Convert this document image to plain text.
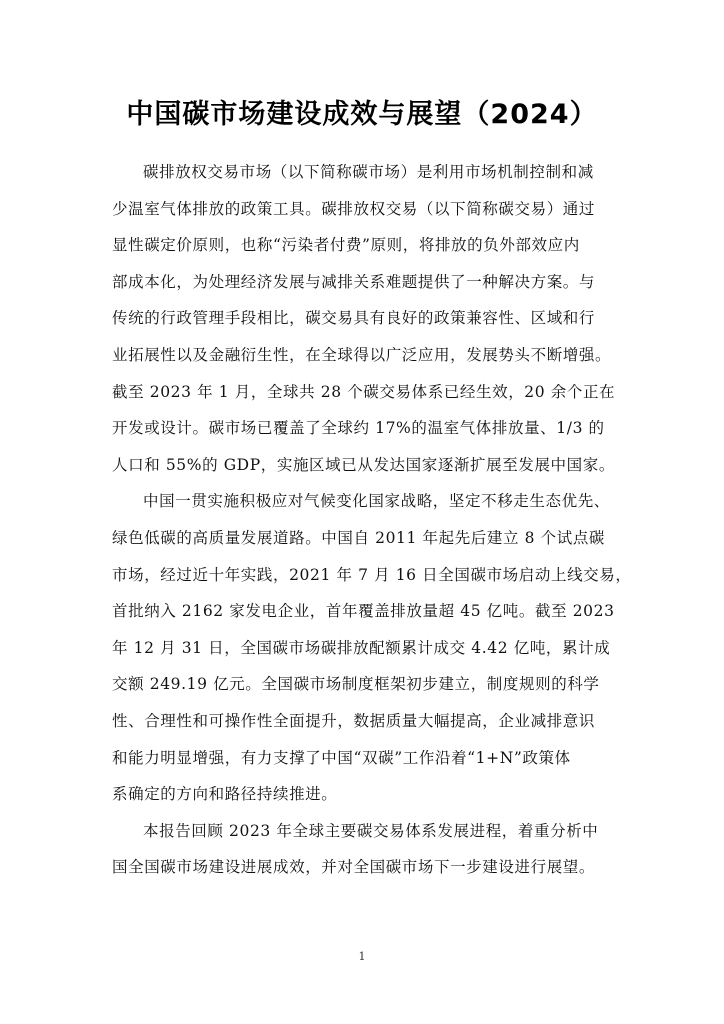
中国碳市场建设成效与展望（2024）
碳排放权交易市场（以下简称碳市场）是利用市场机制控制和减
少温室气体排放的政策工具。碳排放权交易（以下简称碳交易）通过
显性碳定价原则，也称“污染者付费”原则，将排放的负外部效应内
部成本化，为处理经济发展与减排关系难题提供了一种解决方案。与
传统的行政管理手段相比，碳交易具有良好的政策兼容性、区域和行
业拓展性以及金融衍生性，在全球得以广泛应用，发展势头不断增强。
截至 2023 年 1 月，全球共 28 个碳交易体系已经生效，20 余个正在
开发或设计。碳市场已覆盖了全球约 17%的温室气体排放量、1/3 的
人口和 55%的 GDP，实施区域已从发达国家逐渐扩展至发展中国家。
中国一贯实施积极应对气候变化国家战略，坚定不移走生态优先、
绿色低碳的高质量发展道路。中国自 2011 年起先后建立 8 个试点碳
市场，经过近十年实践，2021 年 7 月 16 日全国碳市场启动上线交易，
首批纳入 2162 家发电企业，首年覆盖排放量超 45 亿吨。截至 2023
年 12 月 31 日，全国碳市场碳排放配额累计成交 4.42 亿吨，累计成
交额 249.19 亿元。全国碳市场制度框架初步建立，制度规则的科学
性、合理性和可操作性全面提升，数据质量大幅提高，企业减排意识
和能力明显增强，有力支撑了中国“双碳”工作沿着“1+N”政策体
系确定的方向和路径持续推进。
本报告回顾 2023 年全球主要碳交易体系发展进程，着重分析中
国全国碳市场建设进展成效，并对全国碳市场下一步建设进行展望。
1
